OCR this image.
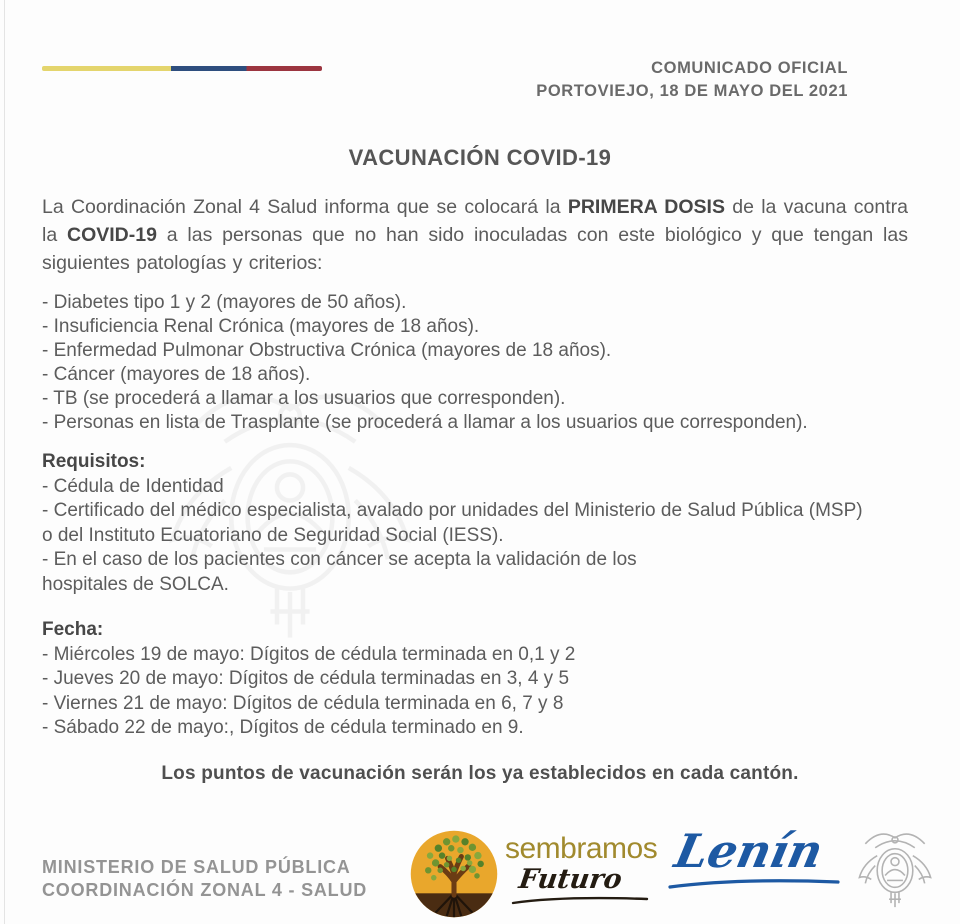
COMUNICADO OFICIAL
PORTOVIEJO, 18 DE MAYO DEL 2021
VACUNACIÓN COVID-19

La Coordinación Zonal 4 Salud informa que se colocará la PRIMERA DOSIS de la vacuna contra la COVID-19 a las personas que no han sido inoculadas con este biológico y que tengan las siguientes patologías y criterios:

- Diabetes tipo 1 y 2 (mayores de 50 años).
- Insuficiencia Renal Crónica (mayores de 18 años).
- Enfermedad Pulmonar Obstructiva Crónica (mayores de 18 años).
- Cáncer (mayores de 18 años).
- TB (se procederá a llamar a los usuarios que corresponden).
- Personas en lista de Trasplante (se procederá a llamar a los usuarios que corresponden).
Requisitos:
- Cédula de Identidad
- Certificado del médico especialista, avalado por unidades del Ministerio de Salud Pública (MSP)
o del Instituto Ecuatoriano de Seguridad Social (IESS).
- En el caso de los pacientes con cáncer se acepta la validación de los
hospitales de SOLCA.
Fecha:
- Miércoles 19 de mayo: Dígitos de cédula terminada en 0,1 y 2
- Jueves 20 de mayo: Dígitos de cédula terminadas en 3, 4 y 5
- Viernes 21 de mayo: Dígitos de cédula terminada en 6, 7 y 8
- Sábado 22 de mayo:, Dígitos de cédula terminado en 9.
Los puntos de vacunación serán los ya establecidos en cada cantón.
MINISTERIO DE SALUD PÚBLICA
COORDINACIÓN ZONAL 4 - SALUD
sembramos
Futuro
Lenín
